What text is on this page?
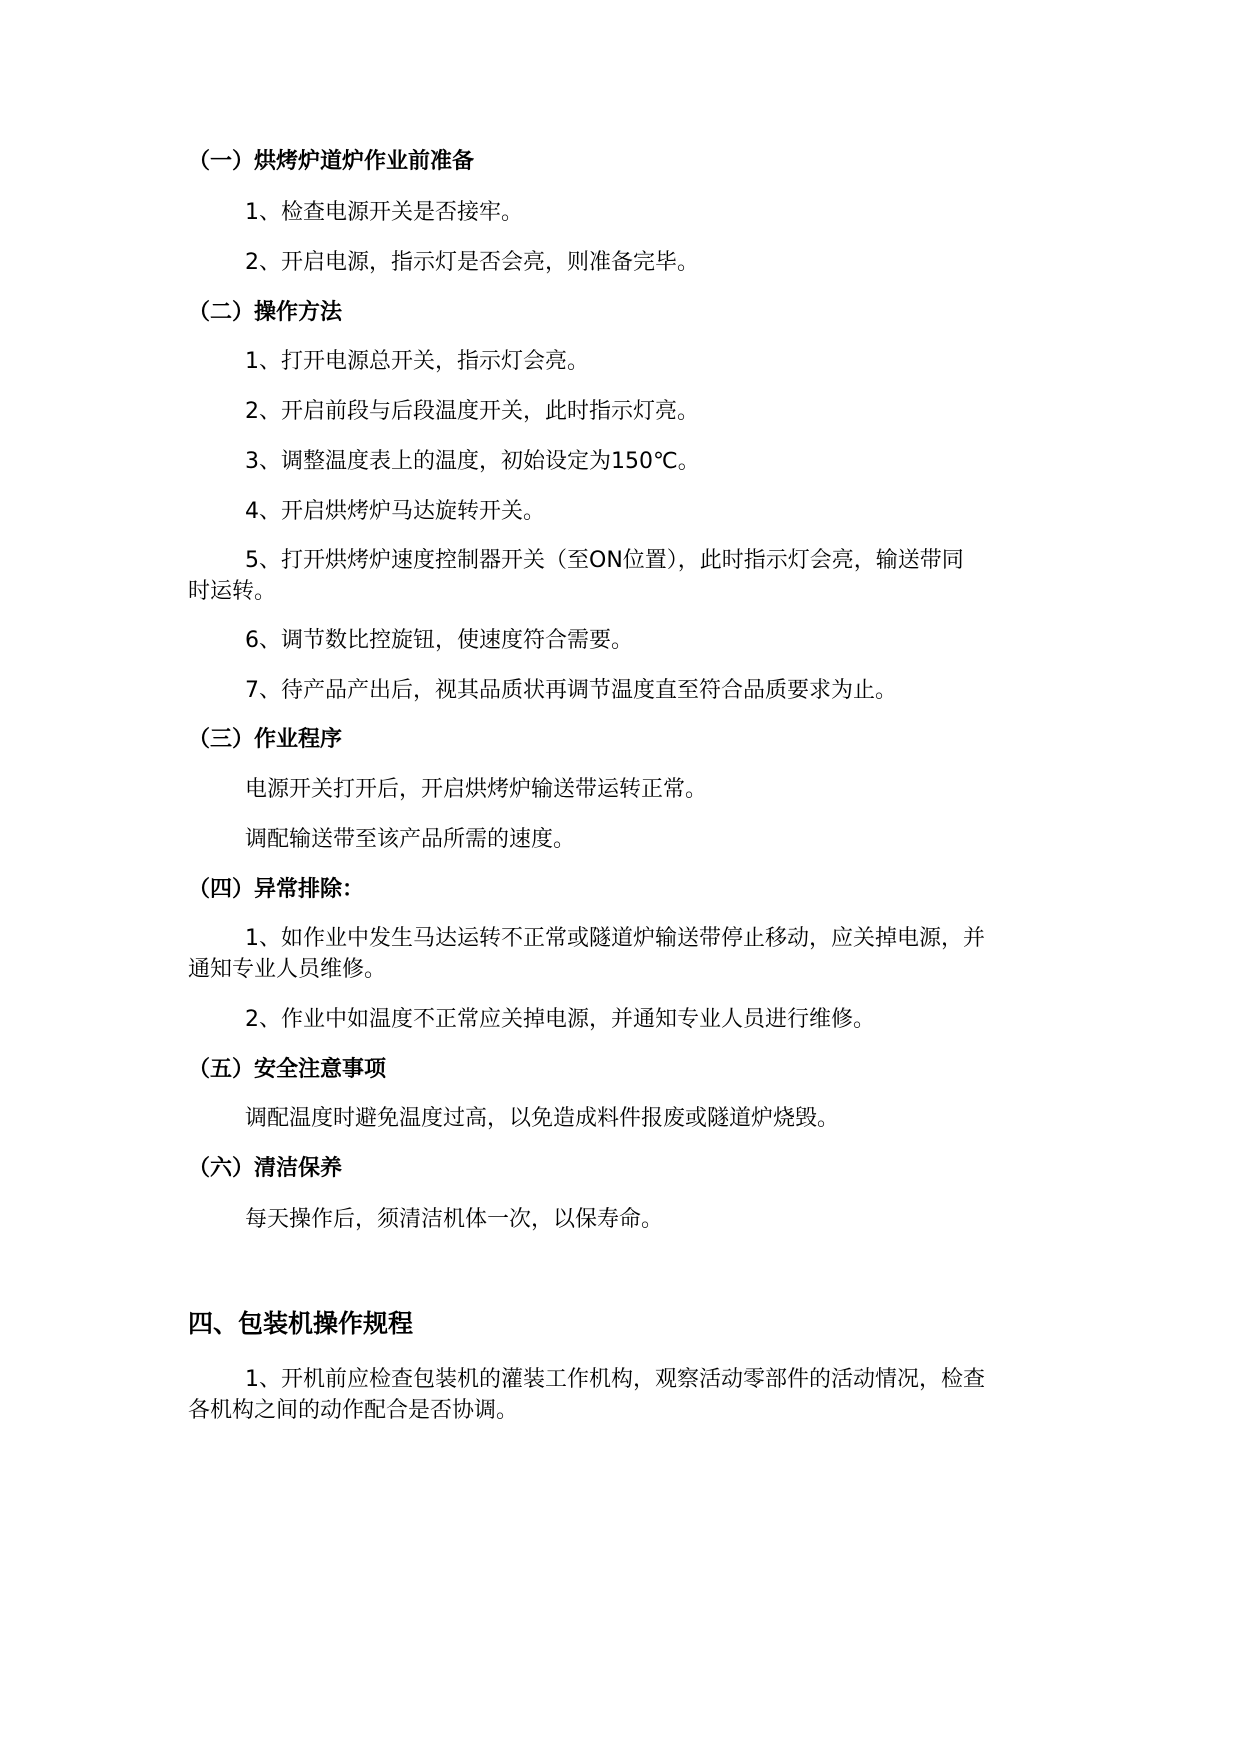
（一）烘烤炉道炉作业前准备
1、检查电源开关是否接牢。
2、开启电源，指示灯是否会亮，则准备完毕。
（二）操作方法
1、打开电源总开关，指示灯会亮。
2、开启前段与后段温度开关，此时指示灯亮。
3、调整温度表上的温度，初始设定为150℃。
4、开启烘烤炉马达旋转开关。
5、打开烘烤炉速度控制器开关（至ON位置），此时指示灯会亮，输送带同
时运转。
6、调节数比控旋钮，使速度符合需要。
7、待产品产出后，视其品质状再调节温度直至符合品质要求为止。
（三）作业程序
电源开关打开后，开启烘烤炉输送带运转正常。
调配输送带至该产品所需的速度。
（四）异常排除：
1、如作业中发生马达运转不正常或隧道炉输送带停止移动，应关掉电源，并
通知专业人员维修。
2、作业中如温度不正常应关掉电源，并通知专业人员进行维修。
（五）安全注意事项
调配温度时避免温度过高，以免造成料件报废或隧道炉烧毁。
（六）清洁保养
每天操作后，须清洁机体一次，以保寿命。
四、包装机操作规程
1、开机前应检查包装机的灌装工作机构，观察活动零部件的活动情况，检查
各机构之间的动作配合是否协调。
